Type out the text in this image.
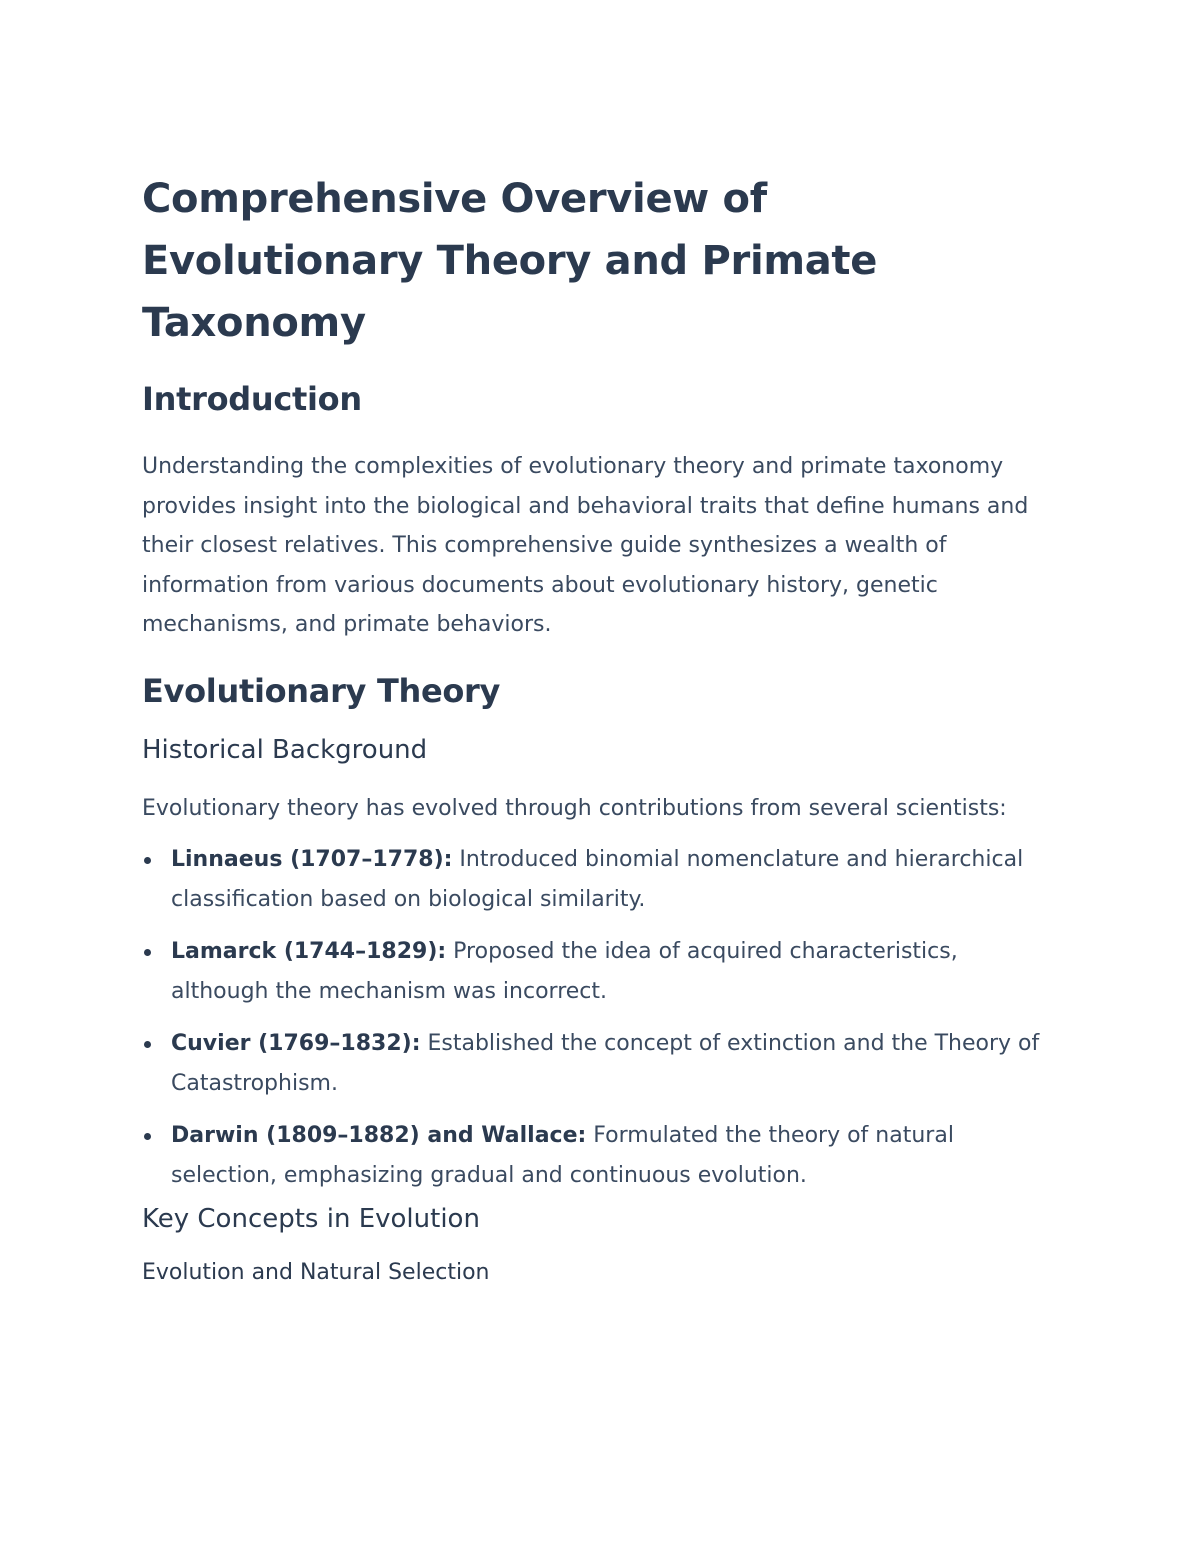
Comprehensive Overview of Evolutionary Theory and Primate Taxonomy
Introduction

Understanding the complexities of evolutionary theory and primate taxonomy provides insight into the biological and behavioral traits that define humans and their closest relatives. This comprehensive guide synthesizes a wealth of information from various documents about evolutionary history, genetic mechanisms, and primate behaviors.

Evolutionary Theory
Historical Background

Evolutionary theory has evolved through contributions from several scientists:

Linnaeus (1707–1778): Introduced binomial nomenclature and hierarchical classification based on biological similarity.
Lamarck (1744–1829): Proposed the idea of acquired characteristics, although the mechanism was incorrect.
Cuvier (1769–1832): Established the concept of extinction and the Theory of Catastrophism.
Darwin (1809–1882) and Wallace: Formulated the theory of natural selection, emphasizing gradual and continuous evolution.
Key Concepts in Evolution
Evolution and Natural Selection
